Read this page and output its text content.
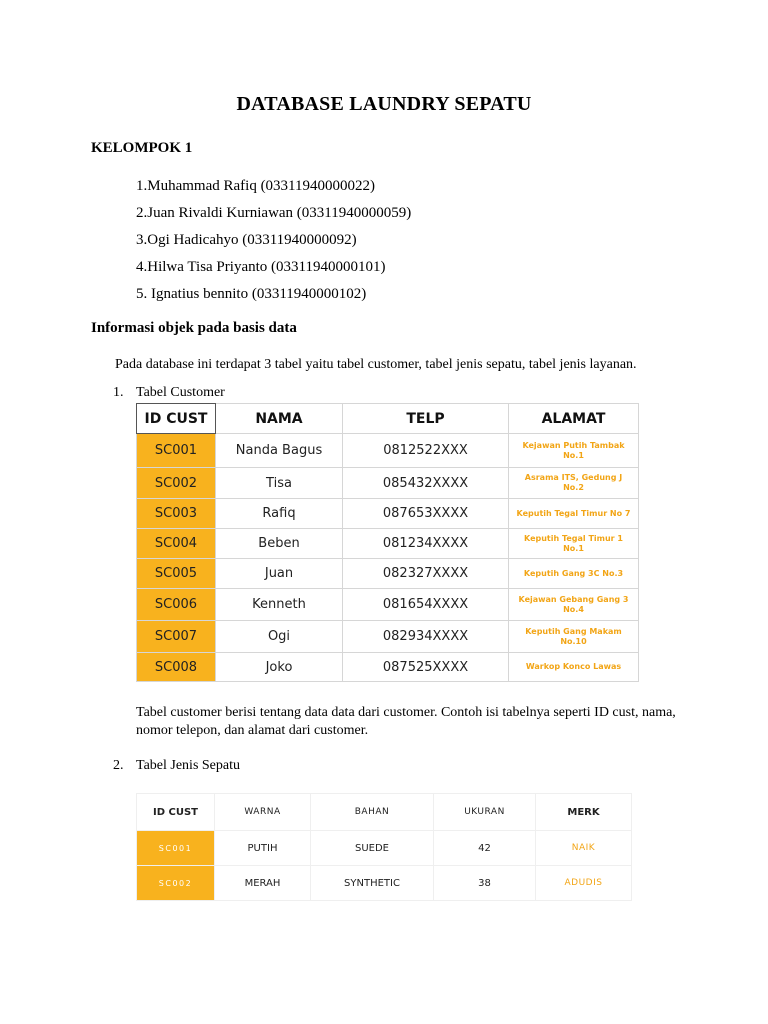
DATABASE LAUNDRY SEPATU
KELOMPOK 1
1.Muhammad Rafiq (03311940000022)
2.Juan Rivaldi Kurniawan (03311940000059)
3.Ogi Hadicahyo (03311940000092)
4.Hilwa Tisa Priyanto (03311940000101)
5. Ignatius bennito (03311940000102)
Informasi objek pada basis data
Pada database ini terdapat 3 tabel yaitu tabel customer, tabel jenis sepatu, tabel jenis layanan.
1. Tabel Customer
ID CUST	NAMA	TELP	ALAMAT
SC001	Nanda Bagus	0812522XXX	Kejawan Putih Tambak No.1
SC002	Tisa	085432XXXX	Asrama ITS, Gedung J No.2
SC003	Rafiq	087653XXXX	Keputih Tegal Timur No 7
SC004	Beben	081234XXXX	Keputih Tegal Timur 1 No.1
SC005	Juan	082327XXXX	Keputih Gang 3C No.3
SC006	Kenneth	081654XXXX	Kejawan Gebang Gang 3 No.4
SC007	Ogi	082934XXXX	Keputih Gang Makam No.10
SC008	Joko	087525XXXX	Warkop Konco Lawas
Tabel customer berisi tentang data data dari customer. Contoh isi tabelnya seperti ID cust, nama, nomor telepon, dan alamat dari customer.
2. Tabel Jenis Sepatu
ID CUST	WARNA	BAHAN	UKURAN	MERK
SC001	PUTIH	SUEDE	42	NAIK
SC002	MERAH	SYNTHETIC	38	ADUDIS
